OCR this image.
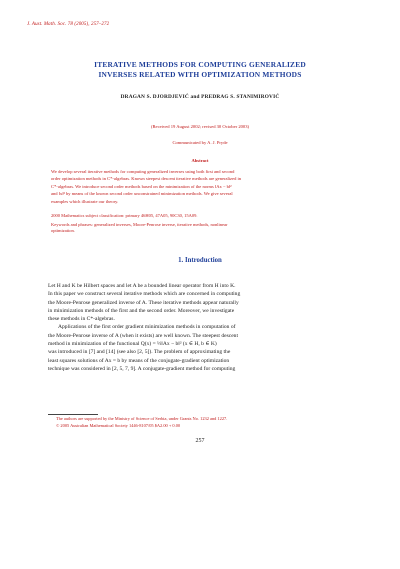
J. Aust. Math. Soc. 78 (2005), 257–272
ITERATIVE METHODS FOR COMPUTING GENERALIZED
INVERSES RELATED WITH OPTIMIZATION METHODS
DRAGAN S. DJORDJEVIĆ and PREDRAG S. STANIMIROVIĆ
(Received 19 August 2002; revised 30 October 2003)
Communicated by A. J. Pryde
Abstract
We develop several iterative methods for computing generalized inverses using both first and second
order optimization methods in C*-algebras. Known steepest descent iterative methods are generalized in
C*-algebras. We introduce second order methods based on the minimization of the norms ‖Ax − b‖²
and ‖x‖² by means of the known second order unconstrained minimization methods. We give several
examples which illustrate our theory.
2000 Mathematics subject classification: primary 46H05, 47A05, 90C30, 15A09.
Keywords and phrases: generalized inverses, Moore-Penrose inverse, iterative methods, nonlinear
optimization.
1. Introduction
Let H and K be Hilbert spaces and let A be a bounded linear operator from H into K.
In this paper we construct several iterative methods which are concerned in computing
the Moore-Penrose generalized inverse of A. These iterative methods appear naturally
in minimization methods of the first and the second order. Moreover, we investigate
these methods in C*-algebras.
Applications of the first order gradient minimization methods in computation of
the Moore-Penrose inverse of A (when it exists) are well known. The steepest descent
method in minimization of the functional Q(x) = ½‖Ax − b‖² (x ∈ H, b ∈ K)
was introduced in [7] and [14] (see also [2, 5]). The problem of approximating the
least squares solutions of Ax = b by means of the conjugate-gradient optimization
technique was considered in [2, 5, 7, 9]. A conjugate-gradient method for computing
The authors are supported by the Ministry of Science of Serbia, under Grants No. 1232 and 1227.
© 2005 Australian Mathematical Society 1446-8107/05 $A2.00 + 0.00
257
